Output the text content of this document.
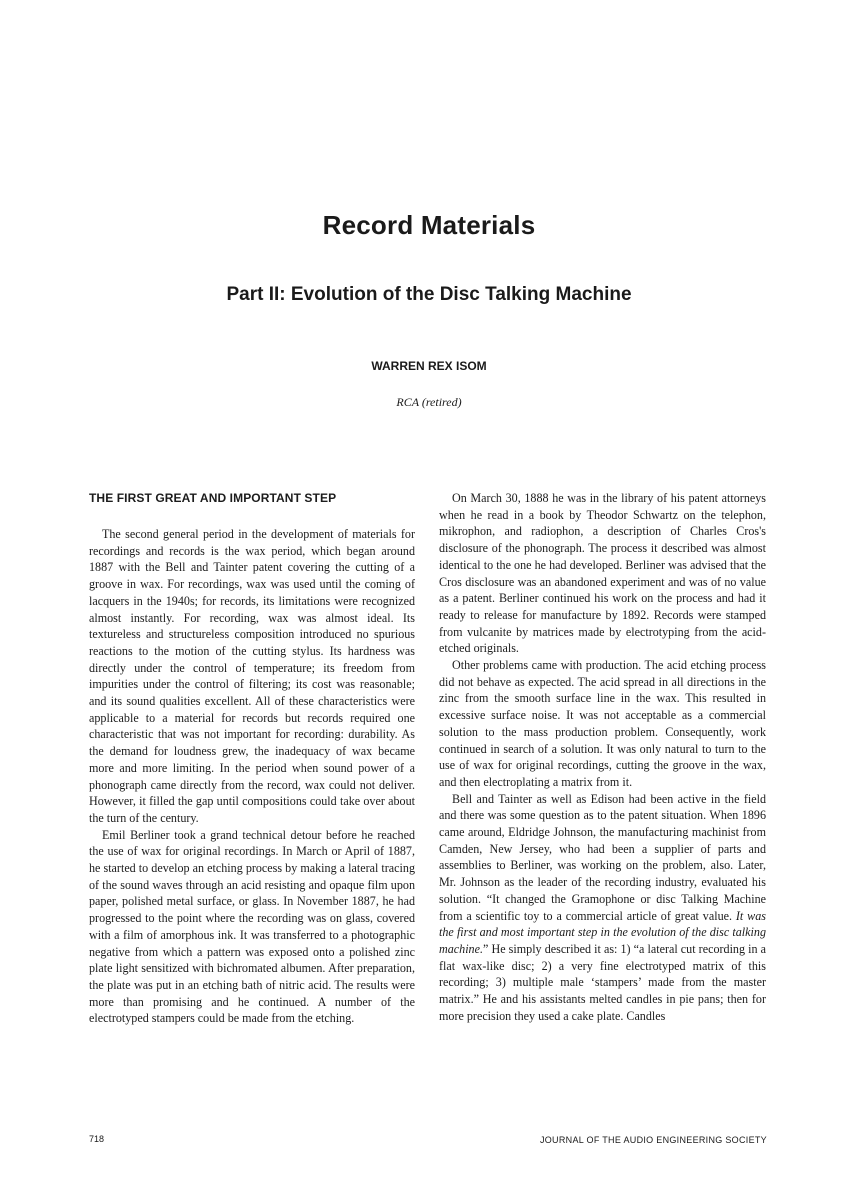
Record Materials
Part II: Evolution of the Disc Talking Machine
WARREN REX ISOM
RCA (retired)
THE FIRST GREAT AND IMPORTANT STEP

The second general period in the development of materials for recordings and records is the wax period, which began around 1887 with the Bell and Tainter patent covering the cutting of a groove in wax. For recordings, wax was used until the coming of lacquers in the 1940s; for records, its limitations were recognized almost instantly. For recording, wax was almost ideal. Its textureless and structureless composition introduced no spurious reactions to the motion of the cutting stylus. Its hardness was directly under the control of temperature; its freedom from impurities under the control of filtering; its cost was reasonable; and its sound qualities excellent. All of these characteristics were applicable to a material for records but records required one characteristic that was not important for recording: durability. As the demand for loudness grew, the inadequacy of wax became more and more limiting. In the period when sound power of a phonograph came directly from the record, wax could not deliver. However, it filled the gap until compositions could take over about the turn of the century.

Emil Berliner took a grand technical detour before he reached the use of wax for original recordings. In March or April of 1887, he started to develop an etching process by making a lateral tracing of the sound waves through an acid resisting and opaque film upon paper, polished metal surface, or glass. In November 1887, he had progressed to the point where the recording was on glass, covered with a film of amorphous ink. It was transferred to a photographic negative from which a pattern was exposed onto a polished zinc plate light sensitized with bichromated albumen. After preparation, the plate was put in an etching bath of nitric acid. The results were more than promising and he continued. A number of the electrotyped stampers could be made from the etching.

On March 30, 1888 he was in the library of his patent attorneys when he read in a book by Theodor Schwartz on the telephon, mikrophon, and radiophon, a description of Charles Cros's disclosure of the phonograph. The process it described was almost identical to the one he had developed. Berliner was advised that the Cros disclosure was an abandoned experiment and was of no value as a patent. Berliner continued his work on the process and had it ready to release for manufacture by 1892. Records were stamped from vulcanite by matrices made by electrotyping from the acid-etched originals.

Other problems came with production. The acid etching process did not behave as expected. The acid spread in all directions in the zinc from the smooth surface line in the wax. This resulted in excessive surface noise. It was not acceptable as a commercial solution to the mass production problem. Consequently, work continued in search of a solution. It was only natural to turn to the use of wax for original recordings, cutting the groove in the wax, and then electroplating a matrix from it.

Bell and Tainter as well as Edison had been active in the field and there was some question as to the patent situation. When 1896 came around, Eldridge Johnson, the manufacturing machinist from Camden, New Jersey, who had been a supplier of parts and assemblies to Berliner, was working on the problem, also. Later, Mr. Johnson as the leader of the recording industry, evaluated his solution. “It changed the Gramophone or disc Talking Machine from a scientific toy to a commercial article of great value. It was the first and most important step in the evolution of the disc talking machine.” He simply described it as: 1) “a lateral cut recording in a flat wax-like disc; 2) a very fine electrotyped matrix of this recording; 3) multiple male ‘stampers’ made from the master matrix.” He and his assistants melted candles in pie pans; then for more precision they used a cake plate. Candles

718	JOURNAL OF THE AUDIO ENGINEERING SOCIETY
